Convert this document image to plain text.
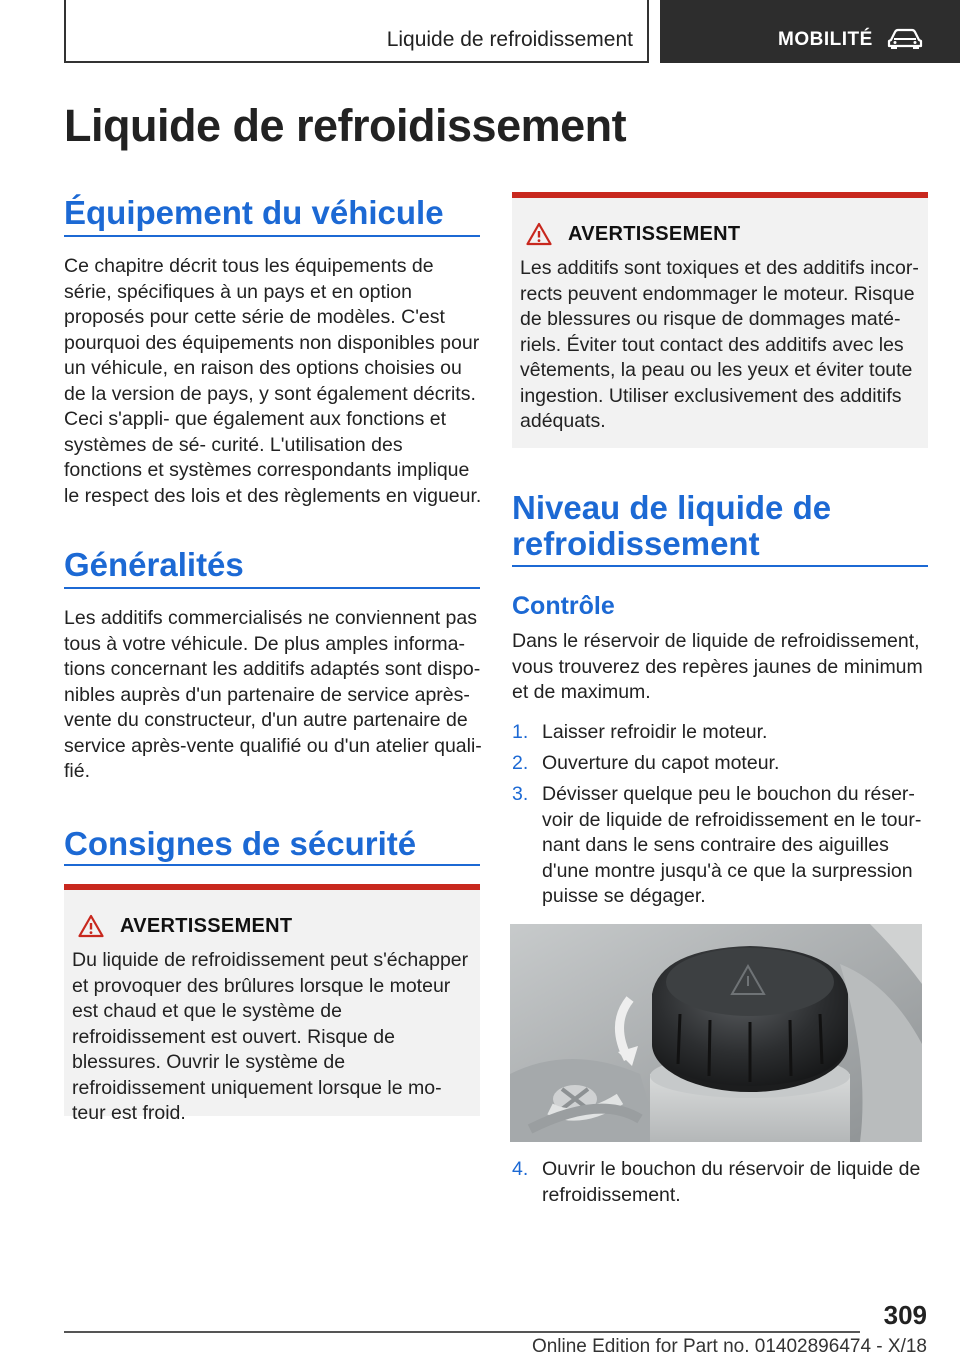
Liquide de refroidissement	MOBILITÉ
Liquide de refroidissement
Équipement du véhicule

Ce chapitre décrit tous les équipements de série, spécifiques à un pays et en option proposés pour cette série de modèles. C'est pourquoi des équipements non disponibles pour un véhicule, en raison des options choisies ou de la version de pays, y sont également décrits. Ceci s'appli‐ que également aux fonctions et systèmes de sé‐ curité. L'utilisation des fonctions et systèmes correspondants implique le respect des lois et des règlements en vigueur.

Généralités

Les additifs commercialisés ne conviennent pas tous à votre véhicule. De plus amples informa‐ tions concernant les additifs adaptés sont dispo‐ nibles auprès d'un partenaire de service après- vente du constructeur, d'un autre partenaire de service après-vente qualifié ou d'un atelier quali‐ fié.

Consignes de sécurité
AVERTISSEMENT

Du liquide de refroidissement peut s'échapper et provoquer des brûlures lorsque le moteur est chaud et que le système de refroidissement est ouvert. Risque de blessures. Ouvrir le système de refroidissement uniquement lorsque le mo‐ teur est froid.

AVERTISSEMENT

Les additifs sont toxiques et des additifs incor‐ rects peuvent endommager le moteur. Risque de blessures ou risque de dommages maté‐ riels. Éviter tout contact des additifs avec les vêtements, la peau ou les yeux et éviter toute ingestion. Utiliser exclusivement des additifs adéquats.

Niveau de liquide de refroidissement
Contrôle

Dans le réservoir de liquide de refroidissement, vous trouverez des repères jaunes de minimum et de maximum.

1. Laisser refroidir le moteur.
2. Ouverture du capot moteur.
3. Dévisser quelque peu le bouchon du réser‐ voir de liquide de refroidissement en le tour‐ nant dans le sens contraire des aiguilles d'une montre jusqu'à ce que la surpression puisse se dégager.
4. Ouvrir le bouchon du réservoir de liquide de refroidissement.
309
Online Edition for Part no. 01402896474 - X/18
